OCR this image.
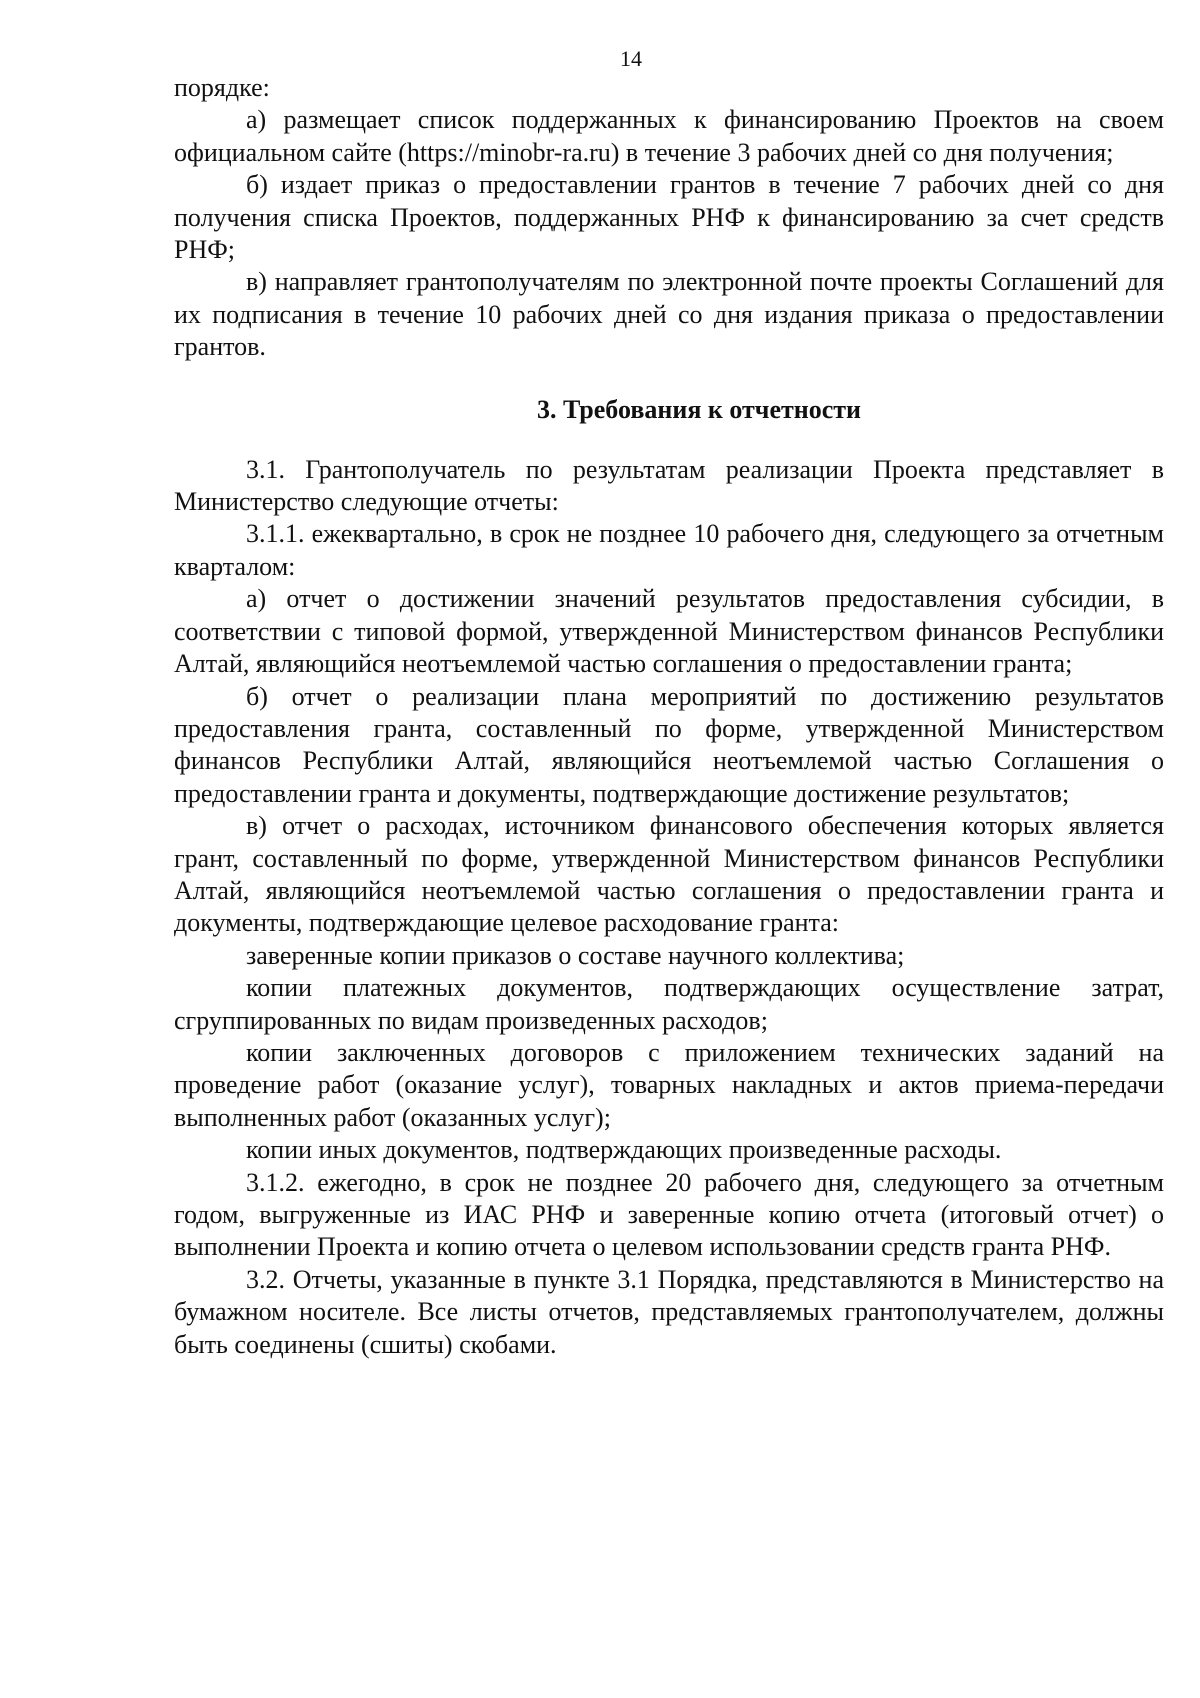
14

порядке:

а) размещает список поддержанных к финансированию Проектов на своем официальном сайте (https://minobr-ra.ru) в течение 3 рабочих дней со дня получения;

б) издает приказ о предоставлении грантов в течение 7 рабочих дней со дня получения списка Проектов, поддержанных РНФ к финансированию за счет средств РНФ;

в) направляет грантополучателям по электронной почте проекты Соглашений для их подписания в течение 10 рабочих дней со дня издания приказа о предоставлении грантов.

3. Требования к отчетности

3.1. Грантополучатель по результатам реализации Проекта представляет в Министерство следующие отчеты:

3.1.1. ежеквартально, в срок не позднее 10 рабочего дня, следующего за отчетным кварталом:

а) отчет о достижении значений результатов предоставления субсидии, в соответствии с типовой формой, утвержденной Министерством финансов Республики Алтай, являющийся неотъемлемой частью соглашения о предоставлении гранта;

б) отчет о реализации плана мероприятий по достижению результатов предоставления гранта, составленный по форме, утвержденной Министерством финансов Республики Алтай, являющийся неотъемлемой частью Соглашения о предоставлении гранта и документы, подтверждающие достижение результатов;

в) отчет о расходах, источником финансового обеспечения которых является грант, составленный по форме, утвержденной Министерством финансов Республики Алтай, являющийся неотъемлемой частью соглашения о предоставлении гранта и документы, подтверждающие целевое расходование гранта:

заверенные копии приказов о составе научного коллектива;

копии платежных документов, подтверждающих осуществление затрат, сгруппированных по видам произведенных расходов;

копии заключенных договоров с приложением технических заданий на проведение работ (оказание услуг), товарных накладных и актов приема-передачи выполненных работ (оказанных услуг);

копии иных документов, подтверждающих произведенные расходы.

3.1.2. ежегодно, в срок не позднее 20 рабочего дня, следующего за отчетным годом, выгруженные из ИАС РНФ и заверенные копию отчета (итоговый отчет) о выполнении Проекта и копию отчета о целевом использовании средств гранта РНФ.

3.2. Отчеты, указанные в пункте 3.1 Порядка, представляются в Министерство на бумажном носителе. Все листы отчетов, представляемых грантополучателем, должны быть соединены (сшиты) скобами.
